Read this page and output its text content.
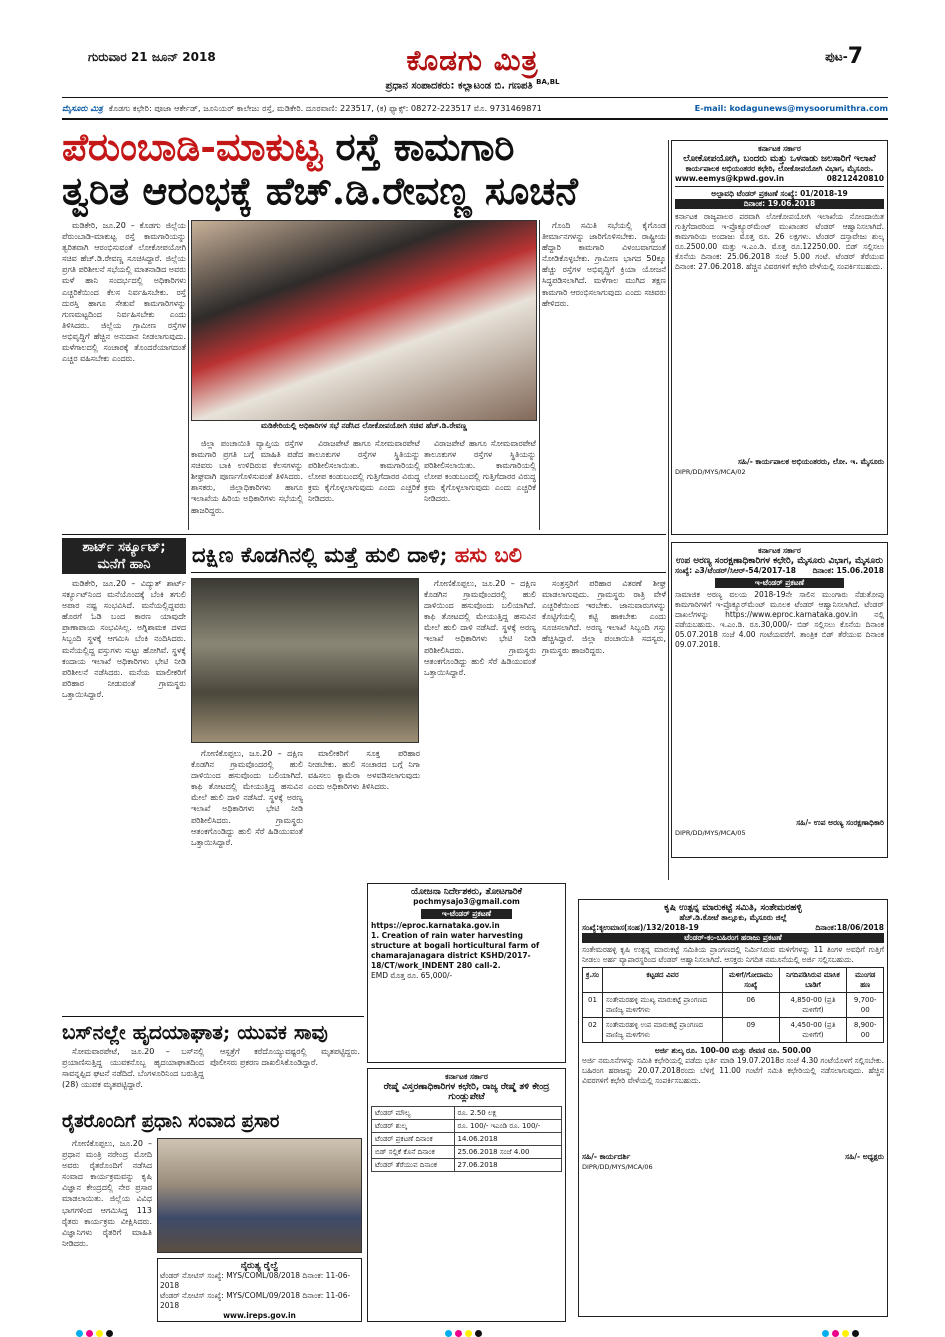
ಗುರುವಾರ 21 ಜೂನ್ 2018	ಕೊಡಗು ಮಿತ್ರ
ಪ್ರಧಾನ ಸಂಪಾದಕರು: ಕಲ್ಲಾಟಂಡ ಬಿ. ಗಣಪತಿ $^{BA,BL}$
ಪುಟ-7
ಮೈಸೂರು ಮಿತ್ರ ಕೊಡಗು ಕಛೇರಿ: ಪೂಜಾ ಆರ್ಕೇಡ್, ಜೂನಿಯರ್ ಕಾಲೇಜು ರಸ್ತೆ, ಮಡಿಕೇರಿ. ದೂರವಾಣಿ: 223517, (ಕ) ಫ್ಯಾಕ್ಸ್: 08272-223517 ಮೊ. 9731469871	E-mail: kodagunews@mysoorumithra.com
ಪೆರುಂಬಾಡಿ-ಮಾಕುಟ್ಟ ರಸ್ತೆ ಕಾಮಗಾರಿ
ತ್ವರಿತ ಆರಂಭಕ್ಕೆ ಹೆಚ್.ಡಿ.ರೇವಣ್ಣ ಸೂಚನೆ

ಮಡಿಕೇರಿ, ಜೂ.20 – ಕೊಡಗು ಜಿಲ್ಲೆಯ ಪೆರುಂಬಾಡಿ-ಮಾಕುಟ್ಟ ರಸ್ತೆ ಕಾಮಗಾರಿಯನ್ನು ತ್ವರಿತವಾಗಿ ಆರಂಭಿಸುವಂತೆ ಲೋಕೋಪಯೋಗಿ ಸಚಿವ ಹೆಚ್.ಡಿ.ರೇವಣ್ಣ ಸೂಚಿಸಿದ್ದಾರೆ. ಜಿಲ್ಲೆಯ ಪ್ರಗತಿ ಪರಿಶೀಲನೆ ಸಭೆಯಲ್ಲಿ ಮಾತನಾಡಿದ ಅವರು ಮಳೆ ಹಾನಿ ಸಂದರ್ಭದಲ್ಲಿ ಅಧಿಕಾರಿಗಳು ಎಚ್ಚರಿಕೆಯಿಂದ ಕೆಲಸ ನಿರ್ವಹಿಸಬೇಕು. ರಸ್ತೆ ದುರಸ್ತಿ ಹಾಗೂ ಸೇತುವೆ ಕಾಮಗಾರಿಗಳನ್ನು ಗುಣಮಟ್ಟದಿಂದ ನಿರ್ವಹಿಸಬೇಕು ಎಂದು ತಿಳಿಸಿದರು. ಜಿಲ್ಲೆಯ ಗ್ರಾಮೀಣ ರಸ್ತೆಗಳ ಅಭಿವೃದ್ಧಿಗೆ ಹೆಚ್ಚಿನ ಅನುದಾನ ನೀಡಲಾಗುವುದು. ಮಳೆಗಾಲದಲ್ಲಿ ಸಂಚಾರಕ್ಕೆ ತೊಂದರೆಯಾಗದಂತೆ ಎಚ್ಚರ ವಹಿಸಬೇಕು ಎಂದರು.

ಮಡಿಕೇರಿಯಲ್ಲಿ ಅಧಿಕಾರಿಗಳ ಸಭೆ ನಡೆಸಿದ ಲೋಕೋಪಯೋಗಿ ಸಚಿವ ಹೆಚ್.ಡಿ.ರೇವಣ್ಣ

ಜಿಲ್ಲಾ ಪಂಚಾಯಿತಿ ವ್ಯಾಪ್ತಿಯ ರಸ್ತೆಗಳ ಕಾಮಗಾರಿ ಪ್ರಗತಿ ಬಗ್ಗೆ ಮಾಹಿತಿ ಪಡೆದ ಸಚಿವರು ಬಾಕಿ ಉಳಿದಿರುವ ಕೆಲಸಗಳನ್ನು ಶೀಘ್ರವಾಗಿ ಪೂರ್ಣಗೊಳಿಸುವಂತೆ ತಿಳಿಸಿದರು. ಶಾಸಕರು, ಜಿಲ್ಲಾಧಿಕಾರಿಗಳು ಹಾಗೂ ಇಲಾಖೆಯ ಹಿರಿಯ ಅಧಿಕಾರಿಗಳು ಸಭೆಯಲ್ಲಿ ಹಾಜರಿದ್ದರು.

ವಿರಾಜಪೇಟೆ ಹಾಗೂ ಸೋಮವಾರಪೇಟೆ ತಾಲೂಕುಗಳ ರಸ್ತೆಗಳ ಸ್ಥಿತಿಯನ್ನು ಪರಿಶೀಲಿಸಲಾಯಿತು. ಕಾಮಗಾರಿಯಲ್ಲಿ ಲೋಪ ಕಂಡುಬಂದಲ್ಲಿ ಗುತ್ತಿಗೆದಾರರ ವಿರುದ್ಧ ಕ್ರಮ ಕೈಗೊಳ್ಳಲಾಗುವುದು ಎಂದು ಎಚ್ಚರಿಕೆ ನೀಡಿದರು.

ವಿರಾಜಪೇಟೆ ಹಾಗೂ ಸೋಮವಾರಪೇಟೆ ತಾಲೂಕುಗಳ ರಸ್ತೆಗಳ ಸ್ಥಿತಿಯನ್ನು ಪರಿಶೀಲಿಸಲಾಯಿತು. ಕಾಮಗಾರಿಯಲ್ಲಿ ಲೋಪ ಕಂಡುಬಂದಲ್ಲಿ ಗುತ್ತಿಗೆದಾರರ ವಿರುದ್ಧ ಕ್ರಮ ಕೈಗೊಳ್ಳಲಾಗುವುದು ಎಂದು ಎಚ್ಚರಿಕೆ ನೀಡಿದರು.

ಗೊಂದಿ ಸಮಿತಿ ಸಭೆಯಲ್ಲಿ ಕೈಗೊಂಡ ತೀರ್ಮಾನಗಳನ್ನು ಜಾರಿಗೊಳಿಸಬೇಕು. ರಾಷ್ಟ್ರೀಯ ಹೆದ್ದಾರಿ ಕಾಮಗಾರಿ ವಿಳಂಬವಾಗದಂತೆ ನೋಡಿಕೊಳ್ಳಬೇಕು. ಗ್ರಾಮೀಣ ಭಾಗದ 50ಕ್ಕೂ ಹೆಚ್ಚು ರಸ್ತೆಗಳ ಅಭಿವೃದ್ಧಿಗೆ ಕ್ರಿಯಾ ಯೋಜನೆ ಸಿದ್ಧಪಡಿಸಲಾಗಿದೆ. ಮಳೆಗಾಲ ಮುಗಿದ ತಕ್ಷಣ ಕಾಮಗಾರಿ ಆರಂಭಿಸಲಾಗುವುದು ಎಂದು ಸಚಿವರು ಹೇಳಿದರು.

ಕರ್ನಾಟಕ ಸರ್ಕಾರ
ಲೋಕೋಪಯೋಗಿ, ಬಂದರು ಮತ್ತು ಒಳನಾಡು ಜಲಸಾರಿಗೆ ಇಲಾಖೆ
ಕಾರ್ಯಪಾಲಕ ಅಭಿಯಂತರರ ಕಛೇರಿ, ಲೋಕೋಪಯೋಗಿ ವಿಭಾಗ, ಮೈಸೂರು.
www.eemys@kpwd.gov.in	08212420810
ಅಲ್ಪಾವಧಿ ಟೆಂಡರ್ ಪ್ರಕಟಣೆ ಸಂಖ್ಯೆ: 01/2018-19
ದಿನಾಂಕ: 19.06.2018
ಕರ್ನಾಟಕ ರಾಜ್ಯಪಾಲರ ಪರವಾಗಿ ಲೋಕೋಪಯೋಗಿ ಇಲಾಖೆಯ ನೋಂದಾಯಿತ ಗುತ್ತಿಗೆದಾರರಿಂದ ಇ-ಪ್ರೊಕ್ಯೂರ್‌ಮೆಂಟ್ ಮುಖಾಂತರ ಟೆಂಡರ್ ಆಹ್ವಾನಿಸಲಾಗಿದೆ. ಕಾಮಗಾರಿಯ ಅಂದಾಜು ಮೊತ್ತ ರೂ. 26 ಲಕ್ಷಗಳು. ಟೆಂಡರ್ ದಸ್ತಾವೇಜು ಶುಲ್ಕ ರೂ.2500.00 ಮತ್ತು ಇ.ಎಂ.ಡಿ. ಮೊತ್ತ ರೂ.12250.00. ಬಿಡ್ ಸಲ್ಲಿಸಲು ಕೊನೆಯ ದಿನಾಂಕ: 25.06.2018 ಸಂಜೆ 5.00 ಗಂಟೆ. ಟೆಂಡರ್ ತೆರೆಯುವ ದಿನಾಂಕ: 27.06.2018. ಹೆಚ್ಚಿನ ವಿವರಗಳಿಗೆ ಕಛೇರಿ ವೇಳೆಯಲ್ಲಿ ಸಂಪರ್ಕಿಸಬಹುದು.
ಸಹಿ/- ಕಾರ್ಯಪಾಲಕ ಅಭಿಯಂತರರು, ಲೋ. ಇ. ಮೈಸೂರು
DIPR/DD/MYS/MCA/02
ಶಾರ್ಟ್ ಸರ್ಕ್ಯೂಟ್;
ಮನೆಗೆ ಹಾನಿ

ಮಡಿಕೇರಿ, ಜೂ.20 – ವಿದ್ಯುತ್ ಶಾರ್ಟ್ ಸರ್ಕ್ಯೂಟ್‌ನಿಂದ ಮನೆಯೊಂದಕ್ಕೆ ಬೆಂಕಿ ತಗುಲಿ ಅಪಾರ ನಷ್ಟ ಸಂಭವಿಸಿದೆ. ಮನೆಯಲ್ಲಿದ್ದವರು ಹೊರಗೆ ಓಡಿ ಬಂದ ಕಾರಣ ಯಾವುದೇ ಪ್ರಾಣಾಪಾಯ ಸಂಭವಿಸಿಲ್ಲ. ಅಗ್ನಿಶಾಮಕ ದಳದ ಸಿಬ್ಬಂದಿ ಸ್ಥಳಕ್ಕೆ ಆಗಮಿಸಿ ಬೆಂಕಿ ನಂದಿಸಿದರು. ಮನೆಯಲ್ಲಿದ್ದ ವಸ್ತುಗಳು ಸುಟ್ಟು ಹೋಗಿವೆ. ಸ್ಥಳಕ್ಕೆ ಕಂದಾಯ ಇಲಾಖೆ ಅಧಿಕಾರಿಗಳು ಭೇಟಿ ನೀಡಿ ಪರಿಶೀಲನೆ ನಡೆಸಿದರು. ಮನೆಯ ಮಾಲೀಕರಿಗೆ ಪರಿಹಾರ ನೀಡುವಂತೆ ಗ್ರಾಮಸ್ಥರು ಒತ್ತಾಯಿಸಿದ್ದಾರೆ.

ದಕ್ಷಿಣ ಕೊಡಗಿನಲ್ಲಿ ಮತ್ತೆ ಹುಲಿ ದಾಳಿ; ಹಸು ಬಲಿ

ಗೋಣಿಕೊಪ್ಪಲು, ಜೂ.20 – ದಕ್ಷಿಣ ಕೊಡಗಿನ ಗ್ರಾಮವೊಂದರಲ್ಲಿ ಹುಲಿ ದಾಳಿಯಿಂದ ಹಸುವೊಂದು ಬಲಿಯಾಗಿದೆ. ಕಾಫಿ ತೋಟದಲ್ಲಿ ಮೇಯುತ್ತಿದ್ದ ಹಸುವಿನ ಮೇಲೆ ಹುಲಿ ದಾಳಿ ನಡೆಸಿದೆ. ಸ್ಥಳಕ್ಕೆ ಅರಣ್ಯ ಇಲಾಖೆ ಅಧಿಕಾರಿಗಳು ಭೇಟಿ ನೀಡಿ ಪರಿಶೀಲಿಸಿದರು. ಗ್ರಾಮಸ್ಥರು ಆತಂಕಗೊಂಡಿದ್ದು ಹುಲಿ ಸೆರೆ ಹಿಡಿಯುವಂತೆ ಒತ್ತಾಯಿಸಿದ್ದಾರೆ.

ಗೋಣಿಕೊಪ್ಪಲು, ಜೂ.20 – ದಕ್ಷಿಣ ಕೊಡಗಿನ ಗ್ರಾಮವೊಂದರಲ್ಲಿ ಹುಲಿ ದಾಳಿಯಿಂದ ಹಸುವೊಂದು ಬಲಿಯಾಗಿದೆ. ಕಾಫಿ ತೋಟದಲ್ಲಿ ಮೇಯುತ್ತಿದ್ದ ಹಸುವಿನ ಮೇಲೆ ಹುಲಿ ದಾಳಿ ನಡೆಸಿದೆ. ಸ್ಥಳಕ್ಕೆ ಅರಣ್ಯ ಇಲಾಖೆ ಅಧಿಕಾರಿಗಳು ಭೇಟಿ ನೀಡಿ ಪರಿಶೀಲಿಸಿದರು. ಗ್ರಾಮಸ್ಥರು ಆತಂಕಗೊಂಡಿದ್ದು ಹುಲಿ ಸೆರೆ ಹಿಡಿಯುವಂತೆ ಒತ್ತಾಯಿಸಿದ್ದಾರೆ.

ಮಾಲೀಕರಿಗೆ ಸೂಕ್ತ ಪರಿಹಾರ ನೀಡಬೇಕು. ಹುಲಿ ಸಂಚಾರದ ಬಗ್ಗೆ ನಿಗಾ ವಹಿಸಲು ಕ್ಯಾಮೆರಾ ಅಳವಡಿಸಲಾಗುವುದು ಎಂದು ಅಧಿಕಾರಿಗಳು ತಿಳಿಸಿದರು.

ಸಂತ್ರಸ್ತರಿಗೆ ಪರಿಹಾರ ವಿತರಣೆ ಶೀಘ್ರ ಮಾಡಲಾಗುವುದು. ಗ್ರಾಮಸ್ಥರು ರಾತ್ರಿ ವೇಳೆ ಎಚ್ಚರಿಕೆಯಿಂದ ಇರಬೇಕು. ಜಾನುವಾರುಗಳನ್ನು ಕೊಟ್ಟಿಗೆಯಲ್ಲಿ ಕಟ್ಟಿ ಹಾಕಬೇಕು ಎಂದು ಸೂಚಿಸಲಾಗಿದೆ. ಅರಣ್ಯ ಇಲಾಖೆ ಸಿಬ್ಬಂದಿ ಗಸ್ತು ಹೆಚ್ಚಿಸಿದ್ದಾರೆ. ಜಿಲ್ಲಾ ಪಂಚಾಯಿತಿ ಸದಸ್ಯರು, ಗ್ರಾಮಸ್ಥರು ಹಾಜರಿದ್ದರು.

ಕರ್ನಾಟಕ ಸರ್ಕಾರ
ಉಪ ಅರಣ್ಯ ಸಂರಕ್ಷಣಾಧಿಕಾರಿಗಳ ಕಛೇರಿ, ಮೈಸೂರು ವಿಭಾಗ, ಮೈಸೂರು
ಸಂಖ್ಯೆ: ಎ3/ಟೆಂಡರ್/ಸಿಆರ್-54/2017-18 ದಿನಾಂಕ: 15.06.2018
ಇ-ಟೆಂಡರ್ ಪ್ರಕಟಣೆ
ಸಾಮಾಜಿಕ ಅರಣ್ಯ ವಲಯ 2018-19ನೇ ಸಾಲಿನ ಮುಂಗಾರು ನೆಡುತೋಪು ಕಾಮಗಾರಿಗಳಿಗೆ ಇ-ಪ್ರೊಕ್ಯೂರ್‌ಮೆಂಟ್ ಮೂಲಕ ಟೆಂಡರ್ ಆಹ್ವಾನಿಸಲಾಗಿದೆ. ಟೆಂಡರ್ ದಾಖಲೆಗಳನ್ನು https://www.eproc.karnataka.gov.in ನಲ್ಲಿ ಪಡೆಯಬಹುದು. ಇ.ಎಂ.ಡಿ. ರೂ.30,000/- ಬಿಡ್ ಸಲ್ಲಿಸಲು ಕೊನೆಯ ದಿನಾಂಕ 05.07.2018 ಸಂಜೆ 4.00 ಗಂಟೆಯವರೆಗೆ. ತಾಂತ್ರಿಕ ಬಿಡ್ ತೆರೆಯುವ ದಿನಾಂಕ 09.07.2018.
ಸಹಿ/- ಉಪ ಅರಣ್ಯ ಸಂರಕ್ಷಣಾಧಿಕಾರಿ
DIPR/DD/MYS/MCA/05
ಯೋಜನಾ ನಿರ್ದೇಶಕರು, ತೋಟಗಾರಿಕೆ
pochmysajo3@gmail.com
ಇ-ಟೆಂಡರ್ ಪ್ರಕಟಣೆ
https://eproc.karnataka.gov.in
1. Creation of rain water harvesting structure at bogali horticultural farm of chamarajanagara district KSHD/2017-18/CT/work_INDENT 280 call-2.
EMD ಮೊತ್ತ ರೂ. 65,000/-
ಬಸ್‌ನಲ್ಲೇ ಹೃದಯಾಘಾತ; ಯುವಕ ಸಾವು

ಸೋಮವಾರಪೇಟೆ, ಜೂ.20 – ಬಸ್‌ನಲ್ಲಿ ಪ್ರಯಾಣಿಸುತ್ತಿದ್ದ ಯುವಕನೊಬ್ಬ ಹೃದಯಾಘಾತದಿಂದ ಸಾವನ್ನಪ್ಪಿದ ಘಟನೆ ನಡೆದಿದೆ. ಬೆಂಗಳೂರಿನಿಂದ ಬರುತ್ತಿದ್ದ (28) ಯುವಕ ಮೃತಪಟ್ಟಿದ್ದಾರೆ.

ಆಸ್ಪತ್ರೆಗೆ ಕರೆದೊಯ್ಯುವಷ್ಟರಲ್ಲಿ ಮೃತಪಟ್ಟಿದ್ದರು. ಪೊಲೀಸರು ಪ್ರಕರಣ ದಾಖಲಿಸಿಕೊಂಡಿದ್ದಾರೆ.

ರೈತರೊಂದಿಗೆ ಪ್ರಧಾನಿ ಸಂವಾದ ಪ್ರಸಾರ

ಗೋಣಿಕೊಪ್ಪಲು, ಜೂ.20 – ಪ್ರಧಾನ ಮಂತ್ರಿ ನರೇಂದ್ರ ಮೋದಿ ಅವರು ರೈತರೊಂದಿಗೆ ನಡೆಸಿದ ಸಂವಾದ ಕಾರ್ಯಕ್ರಮವನ್ನು ಕೃಷಿ ವಿಜ್ಞಾನ ಕೇಂದ್ರದಲ್ಲಿ ನೇರ ಪ್ರಸಾರ ಮಾಡಲಾಯಿತು. ಜಿಲ್ಲೆಯ ವಿವಿಧ ಭಾಗಗಳಿಂದ ಆಗಮಿಸಿದ್ದ 113 ರೈತರು ಕಾರ್ಯಕ್ರಮ ವೀಕ್ಷಿಸಿದರು. ವಿಜ್ಞಾನಿಗಳು ರೈತರಿಗೆ ಮಾಹಿತಿ ನೀಡಿದರು.

ನೈರುತ್ಯ ರೈಲ್ವೆ
ಟೆಂಡರ್ ನೋಟಿಸ್ ಸಂಖ್ಯೆ: MYS/COML/08/2018 ದಿನಾಂಕ: 11-06-2018
ಟೆಂಡರ್ ನೋಟಿಸ್ ಸಂಖ್ಯೆ: MYS/COML/09/2018 ದಿನಾಂಕ: 11-06-2018
www.ireps.gov.in
ಕರ್ನಾಟಕ ಸರ್ಕಾರ
ರೇಷ್ಮೆ ವಿಸ್ತರಣಾಧಿಕಾರಿಗಳ ಕಛೇರಿ, ರಾಜ್ಯ ರೇಷ್ಮೆ ತಳಿ ಕೇಂದ್ರ ಗುಂಡ್ಲುಪೇಟೆ
ಟೆಂಡರ್ ಮೌಲ್ಯ	ರೂ. 2.50 ಲಕ್ಷ
ಟೆಂಡರ್ ಶುಲ್ಕ	ರೂ. 100/- ಇಎಂಡಿ ರೂ. 100/-
ಟೆಂಡರ್ ಪ್ರಕಟಣೆ ದಿನಾಂಕ	14.06.2018
ಬಿಡ್ ಸಲ್ಲಿಕೆ ಕೊನೆ ದಿನಾಂಕ	25.06.2018 ಸಂಜೆ 4.00
ಟೆಂಡರ್ ತೆರೆಯುವ ದಿನಾಂಕ	27.06.2018
ಕೃಷಿ ಉತ್ಪನ್ನ ಮಾರುಕಟ್ಟೆ ಸಮಿತಿ, ಸಂತೇಮರಹಳ್ಳಿ
ಹೆಚ್.ಡಿ.ಕೋಟೆ ತಾಲ್ಲೂಕು, ಮೈಸೂರು ಜಿಲ್ಲೆ
ಸಂಖ್ಯೆ:ಕೃಉಮಾಸ(ಸಂಹ)/132/2018-19	ದಿನಾಂಕ:18/06/2018
ಟೆಂಡರ್-ಕಂ-ಬಹಿರಂಗ ಹರಾಜು ಪ್ರಕಟಣೆ
ಸಂತೇಮರಹಳ್ಳಿ ಕೃಷಿ ಉತ್ಪನ್ನ ಮಾರುಕಟ್ಟೆ ಸಮಿತಿಯ ಪ್ರಾಂಗಣದಲ್ಲಿ ನಿರ್ಮಿಸಿರುವ ಮಳಿಗೆಗಳನ್ನು 11 ತಿಂಗಳ ಅವಧಿಗೆ ಗುತ್ತಿಗೆ ನೀಡಲು ಅರ್ಹ ವ್ಯಾಪಾರಸ್ಥರಿಂದ ಟೆಂಡರ್ ಆಹ್ವಾನಿಸಲಾಗಿದೆ. ಆಸಕ್ತರು ನಿಗದಿತ ನಮೂನೆಯಲ್ಲಿ ಅರ್ಜಿ ಸಲ್ಲಿಸಬಹುದು.
ಕ್ರ.ಸಂ	ಕಟ್ಟಡದ ವಿವರ	ಮಳಿಗೆ/ಗೋದಾಮು ಸಂಖ್ಯೆ	ನಿಗದಿಪಡಿಸಿರುವ ಮಾಸಿಕ ಬಾಡಿಗೆ	ಮುಂಗಡ ಹಣ
01	ಸಂತೇಮರಹಳ್ಳಿ ಮುಖ್ಯ ಮಾರುಕಟ್ಟೆ ಪ್ರಾಂಗಣದ ವಾಣಿಜ್ಯ ಮಳಿಗೆಗಳು	06	4,850-00 (ಪ್ರತಿ ಮಳಿಗೆಗೆ)	9,700-00
02	ಸಂತೇಮರಹಳ್ಳಿ ಉಪ ಮಾರುಕಟ್ಟೆ ಪ್ರಾಂಗಣದ ವಾಣಿಜ್ಯ ಮಳಿಗೆಗಳು	09	4,450-00 (ಪ್ರತಿ ಮಳಿಗೆಗೆ)	8,900-00
ಅರ್ಜಿ ಶುಲ್ಕ ರೂ. 100-00 ಮತ್ತು ಠೇವಣಿ ರೂ. 500.00
ಅರ್ಜಿ ನಮೂನೆಗಳನ್ನು ಸಮಿತಿ ಕಛೇರಿಯಲ್ಲಿ ಪಡೆದು ಭರ್ತಿ ಮಾಡಿ 19.07.2018ರ ಸಂಜೆ 4.30 ಗಂಟೆಯೊಳಗೆ ಸಲ್ಲಿಸಬೇಕು. ಬಹಿರಂಗ ಹರಾಜನ್ನು 20.07.2018ರಂದು ಬೆಳಿಗ್ಗೆ 11.00 ಗಂಟೆಗೆ ಸಮಿತಿ ಕಛೇರಿಯಲ್ಲಿ ನಡೆಸಲಾಗುವುದು. ಹೆಚ್ಚಿನ ವಿವರಗಳಿಗೆ ಕಛೇರಿ ವೇಳೆಯಲ್ಲಿ ಸಂಪರ್ಕಿಸಬಹುದು.
ಸಹಿ/- ಕಾರ್ಯದರ್ಶಿ	ಸಹಿ/- ಅಧ್ಯಕ್ಷರು
DIPR/DD/MYS/MCA/06
